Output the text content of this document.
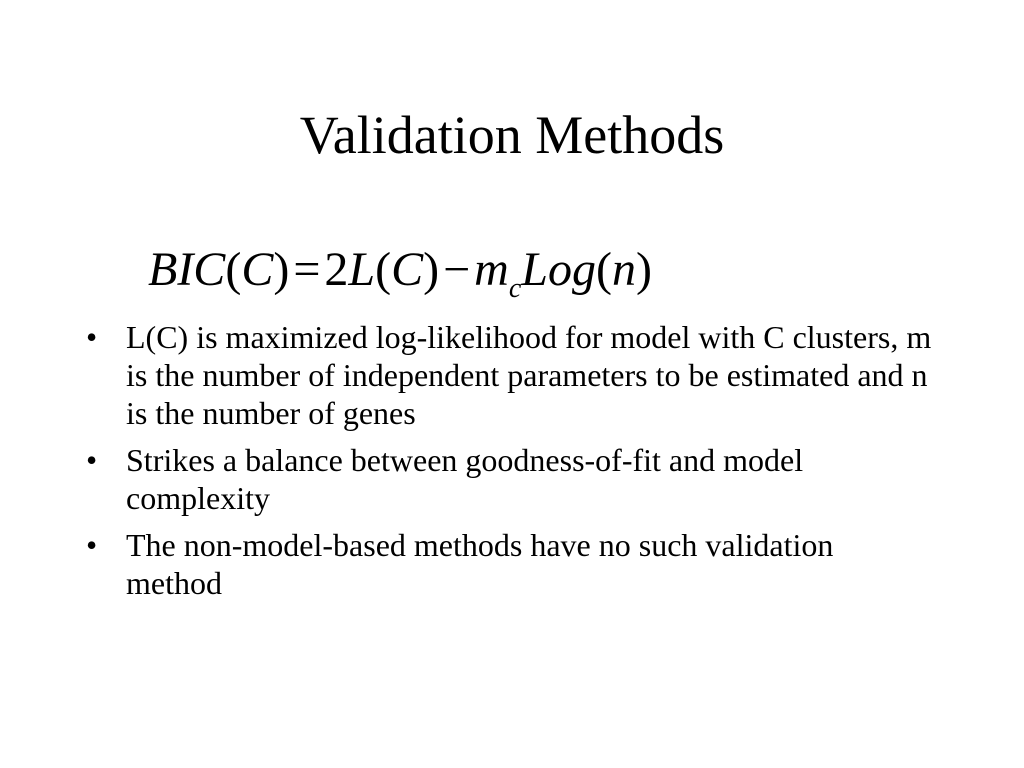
Validation Methods
$BIC(C)=2L(C)-m_cLog(n)$
• L(C) is maximized log-likelihood for model with C clusters, m is the number of independent parameters to be estimated and n is the number of genes
• Strikes a balance between goodness-of-fit and model complexity
• The non-model-based methods have no such validation method
